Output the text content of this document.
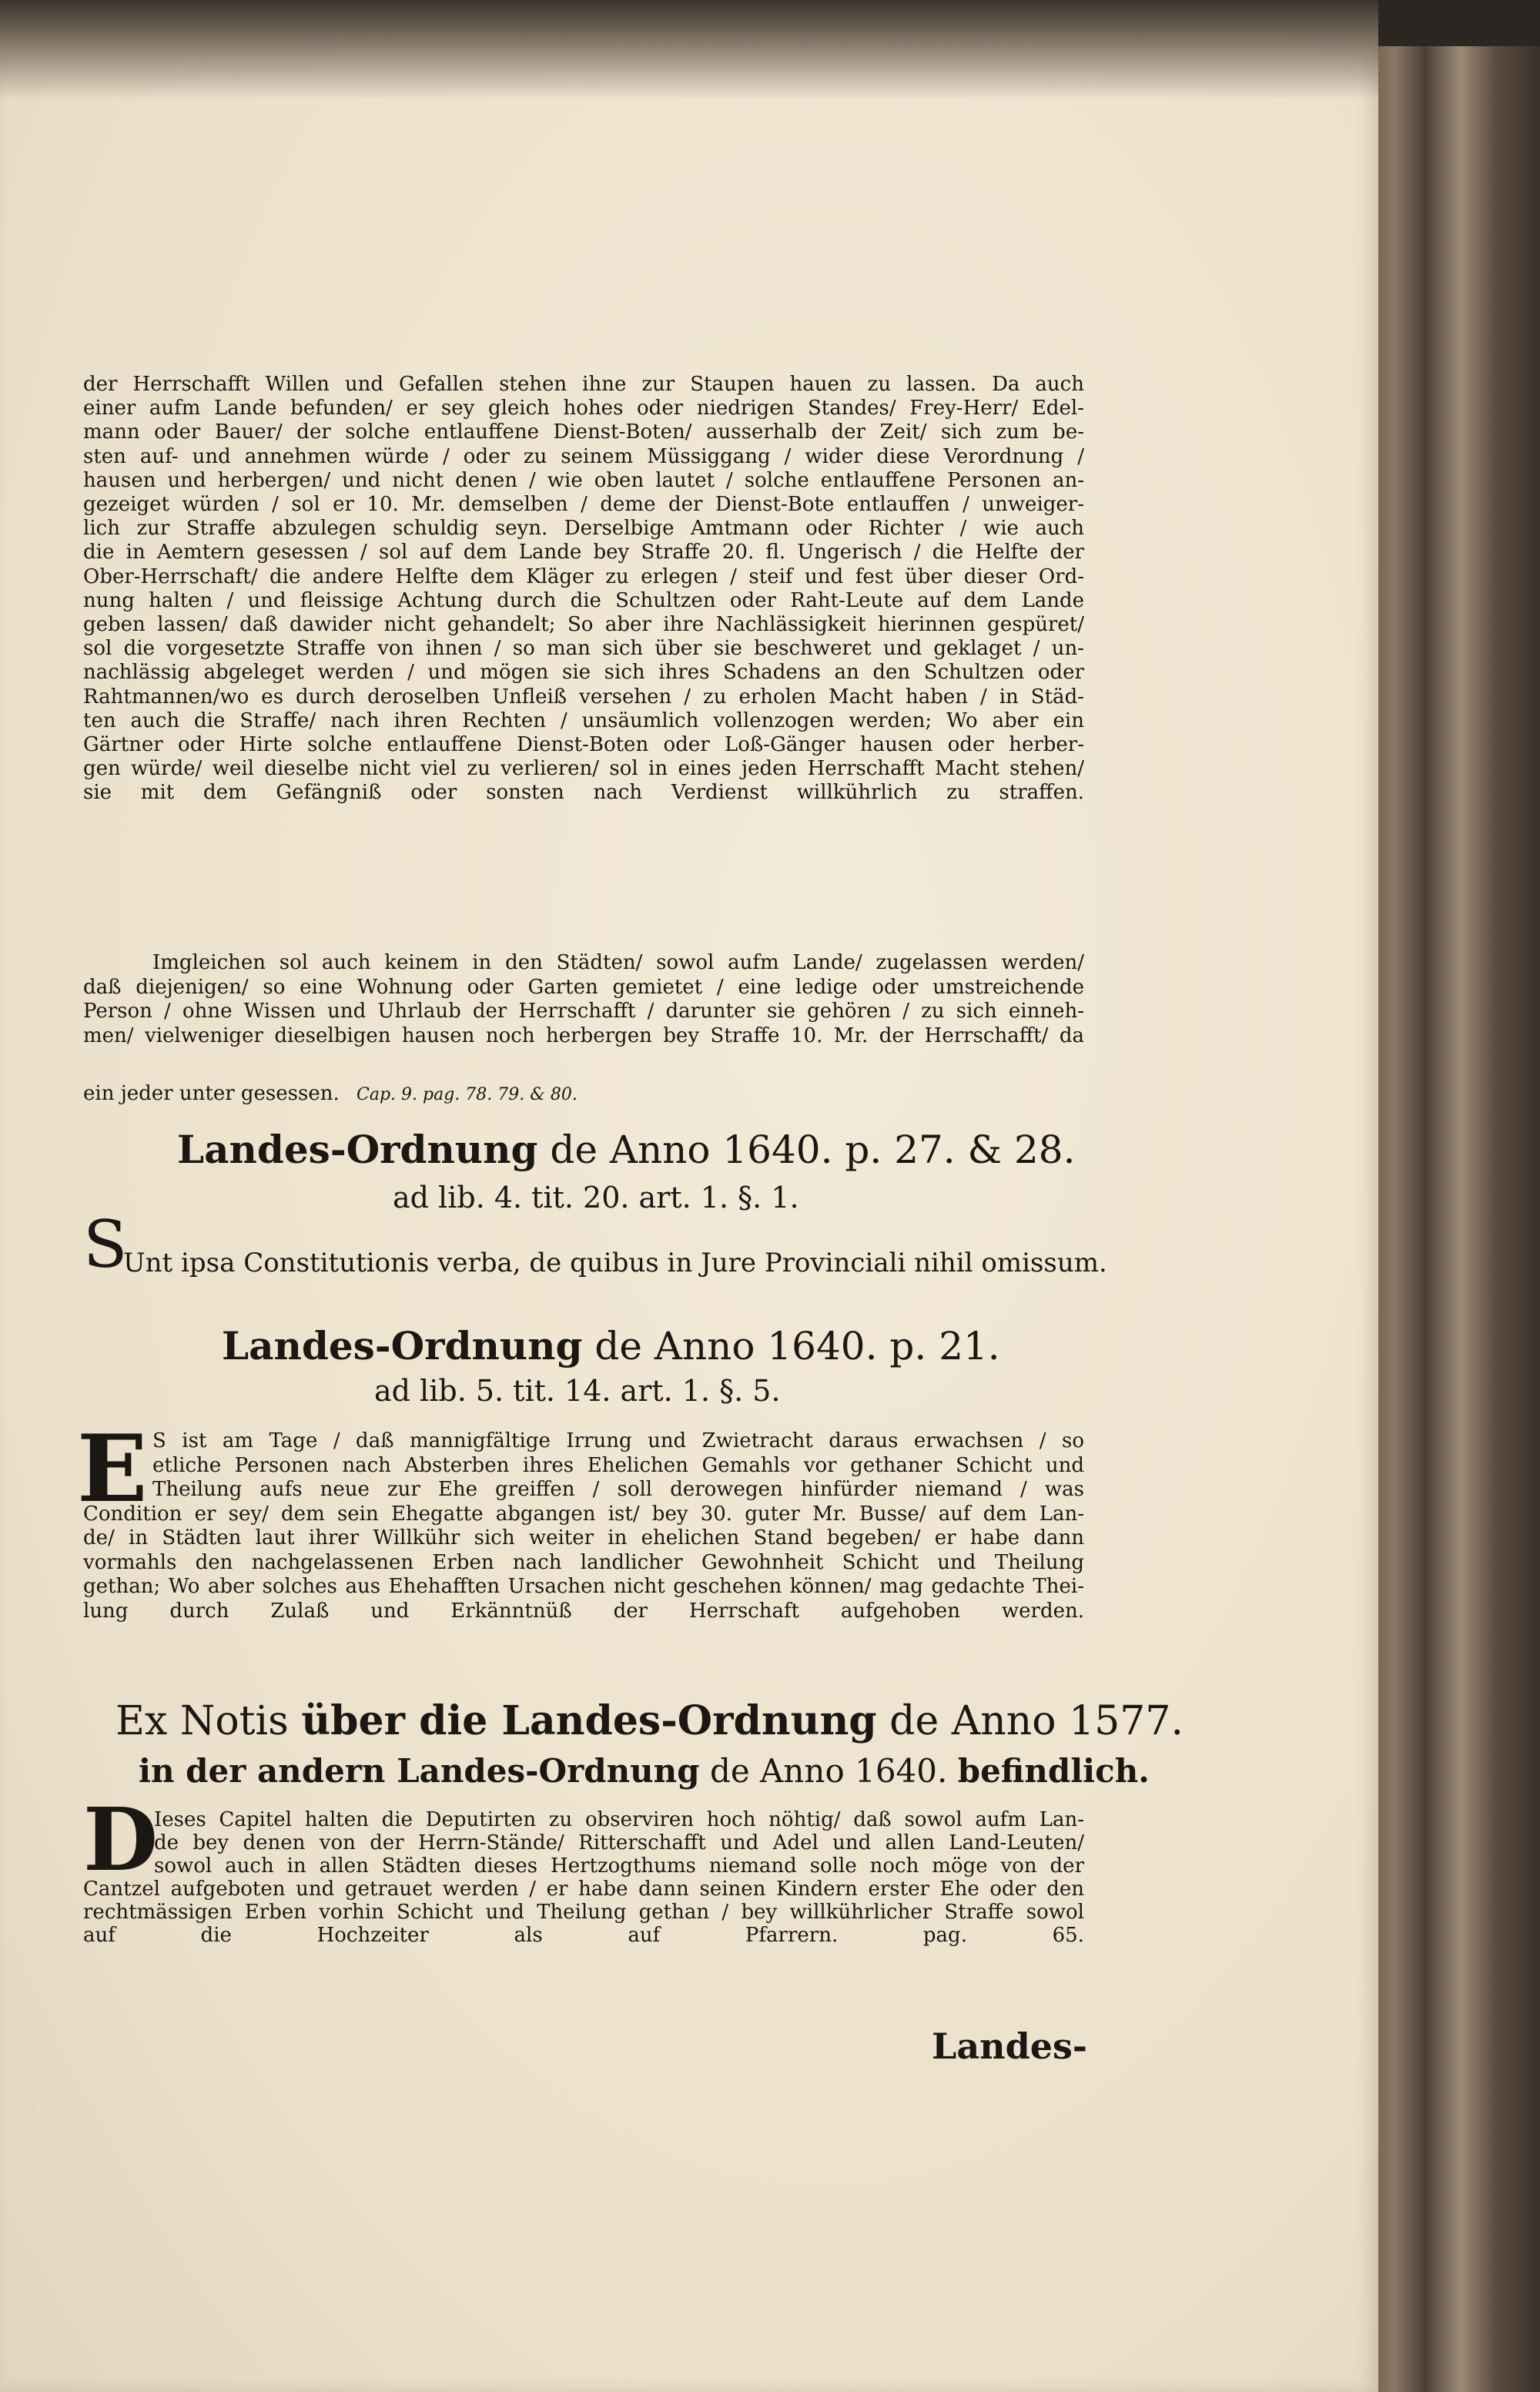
der Herrschafft Willen und Gefallen stehen ihne zur Staupen hauen zu lassen. Da auch
einer aufm Lande befunden/ er sey gleich hohes oder niedrigen Standes/ Frey-Herr/ Edel-
mann oder Bauer/ der solche entlauffene Dienst-Boten/ ausserhalb der Zeit/ sich zum be-
sten auf- und annehmen würde / oder zu seinem Müssiggang / wider diese Verordnung /
hausen und herbergen/ und nicht denen / wie oben lautet / solche entlauffene Personen an-
gezeiget würden / sol er 10. Mr. demselben / deme der Dienst-Bote entlauffen / unweiger-
lich zur Straffe abzulegen schuldig seyn. Derselbige Amtmann oder Richter / wie auch
die in Aemtern gesessen / sol auf dem Lande bey Straffe 20. fl. Ungerisch / die Helfte der
Ober-Herrschaft/ die andere Helfte dem Kläger zu erlegen / steif und fest über dieser Ord-
nung halten / und fleissige Achtung durch die Schultzen oder Raht-Leute auf dem Lande
geben lassen/ daß dawider nicht gehandelt; So aber ihre Nachlässigkeit hierinnen gespüret/
sol die vorgesetzte Straffe von ihnen / so man sich über sie beschweret und geklaget / un-
nachlässig abgeleget werden / und mögen sie sich ihres Schadens an den Schultzen oder
Rahtmannen/wo es durch deroselben Unfleiß versehen / zu erholen Macht haben / in Städ-
ten auch die Straffe/ nach ihren Rechten / unsäumlich vollenzogen werden; Wo aber ein
Gärtner oder Hirte solche entlauffene Dienst-Boten oder Loß-Gänger hausen oder herber-
gen würde/ weil dieselbe nicht viel zu verlieren/ sol in eines jeden Herrschafft Macht stehen/
sie mit dem Gefängniß oder sonsten nach Verdienst willkührlich zu straffen.
Imgleichen sol auch keinem in den Städten/ sowol aufm Lande/ zugelassen werden/
daß diejenigen/ so eine Wohnung oder Garten gemietet / eine ledige oder umstreichende
Person / ohne Wissen und Uhrlaub der Herrschafft / darunter sie gehören / zu sich einneh-
men/ vielweniger dieselbigen hausen noch herbergen bey Straffe 10. Mr. der Herrschafft/ da
ein jeder unter gesessen. Cap. 9. pag. 78. 79. & 80.
Landes-Ordnung de Anno 1640. p. 27. & 28.
ad lib. 4. tit. 20. art. 1. §. 1.
S
Unt ipsa Constitutionis verba, de quibus in Jure Provinciali nihil omissum.
Landes-Ordnung de Anno 1640. p. 21.
ad lib. 5. tit. 14. art. 1. §. 5.
E S ist am Tage / daß mannigfältige Irrung und Zwietracht daraus erwachsen / so
etliche Personen nach Absterben ihres Ehelichen Gemahls vor gethaner Schicht und
Theilung aufs neue zur Ehe greiffen / soll derowegen hinfürder niemand / was
Condition er sey/ dem sein Ehegatte abgangen ist/ bey 30. guter Mr. Busse/ auf dem Lan-
de/ in Städten laut ihrer Willkühr sich weiter in ehelichen Stand begeben/ er habe dann
vormahls den nachgelassenen Erben nach landlicher Gewohnheit Schicht und Theilung
gethan; Wo aber solches aus Ehehafften Ursachen nicht geschehen können/ mag gedachte Thei-
lung durch Zulaß und Erkänntnüß der Herrschaft aufgehoben werden.
Ex Notis über die Landes-Ordnung de Anno 1577.
in der andern Landes-Ordnung de Anno 1640. befindlich.
D
Ieses Capitel halten die Deputirten zu observiren hoch nöhtig/ daß sowol aufm Lan-
de bey denen von der Herrn-Stände/ Ritterschafft und Adel und allen Land-Leuten/
sowol auch in allen Städten dieses Hertzogthums niemand solle noch möge von der
Cantzel aufgeboten und getrauet werden / er habe dann seinen Kindern erster Ehe oder den
rechtmässigen Erben vorhin Schicht und Theilung gethan / bey willkührlicher Straffe sowol
auf die Hochzeiter als auf Pfarrern. pag. 65.
Landes-
